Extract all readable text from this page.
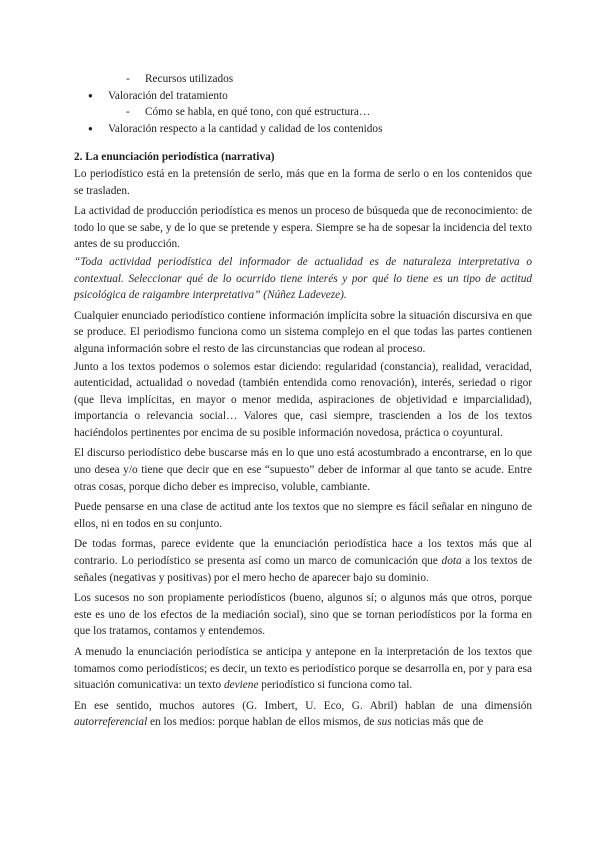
- Recursos utilizados
● Valoración del tratamiento
- Cómo se habla, en qué tono, con qué estructura…
● Valoración respecto a la cantidad y calidad de los contenidos
2. La enunciación periodística (narrativa)

Lo periodístico está en la pretensión de serlo, más que en la forma de serlo o en los contenidos que se trasladen.

La actividad de producción periodística es menos un proceso de búsqueda que de reconocimiento: de todo lo que se sabe, y de lo que se pretende y espera. Siempre se ha de sopesar la incidencia del texto antes de su producción.

“Toda actividad periodística del informador de actualidad es de naturaleza interpretativa o contextual. Seleccionar qué de lo ocurrido tiene interés y por qué lo tiene es un tipo de actitud psicológica de raigambre interpretativa” (Núñez Ladeveze).

Cualquier enunciado periodístico contiene información implícita sobre la situación discursiva en que se produce. El periodismo funciona como un sistema complejo en el que todas las partes contienen alguna información sobre el resto de las circunstancias que rodean al proceso.

Junto a los textos podemos o solemos estar diciendo: regularidad (constancia), realidad, veracidad, autenticidad, actualidad o novedad (también entendida como renovación), interés, seriedad o rigor (que lleva implícitas, en mayor o menor medida, aspiraciones de objetividad e imparcialidad), importancia o relevancia social… Valores que, casi siempre, trascienden a los de los textos haciéndolos pertinentes por encima de su posible información novedosa, práctica o coyuntural.

El discurso periodístico debe buscarse más en lo que uno está acostumbrado a encontrarse, en lo que uno desea y/o tiene que decir que en ese “supuesto” deber de informar al que tanto se acude. Entre otras cosas, porque dicho deber es impreciso, voluble, cambiante.

Puede pensarse en una clase de actitud ante los textos que no siempre es fácil señalar en ninguno de ellos, ni en todos en su conjunto.

De todas formas, parece evidente que la enunciación periodística hace a los textos más que al contrario. Lo periodístico se presenta así como un marco de comunicación que dota a los textos de señales (negativas y positivas) por el mero hecho de aparecer bajo su dominio.

Los sucesos no son propiamente periodísticos (bueno, algunos sí; o algunos más que otros, porque este es uno de los efectos de la mediación social), sino que se tornan periodísticos por la forma en que los tratamos, contamos y entendemos.

A menudo la enunciación periodística se anticipa y antepone en la interpretación de los textos que tomamos como periodísticos; es decir, un texto es periodístico porque se desarrolla en, por y para esa situación comunicativa: un texto deviene periodístico si funciona como tal.

En ese sentido, muchos autores (G. Imbert, U. Eco, G. Abril) hablan de una dimensión autorreferencial en los medios: porque hablan de ellos mismos, de sus noticias más que de
